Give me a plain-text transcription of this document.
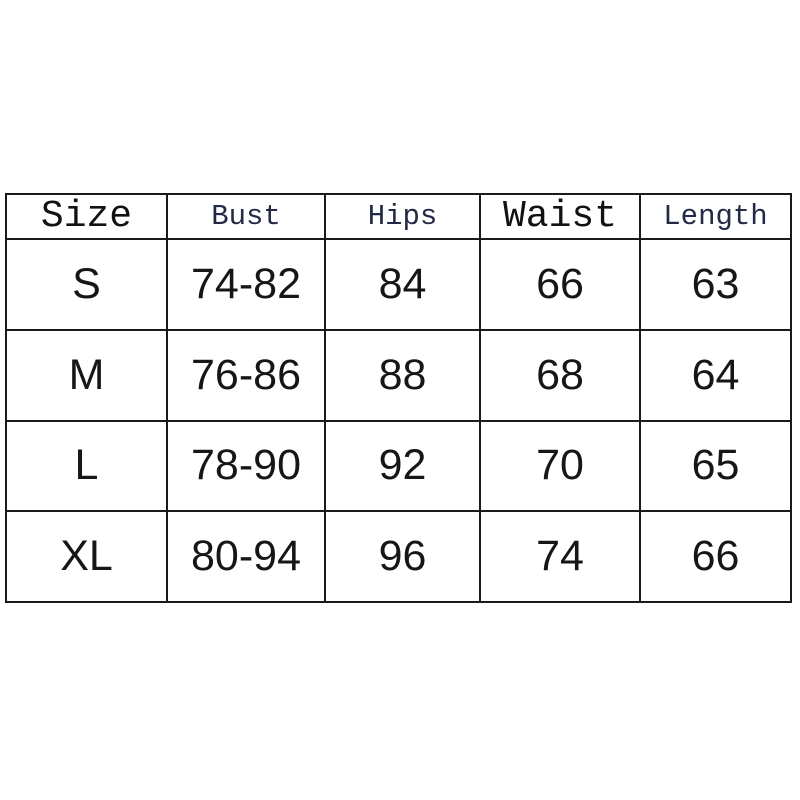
Size	Bust	Hips	Waist	Length
S	74-82	84	66	63
M	76-86	88	68	64
L	78-90	92	70	65
XL	80-94	96	74	66
